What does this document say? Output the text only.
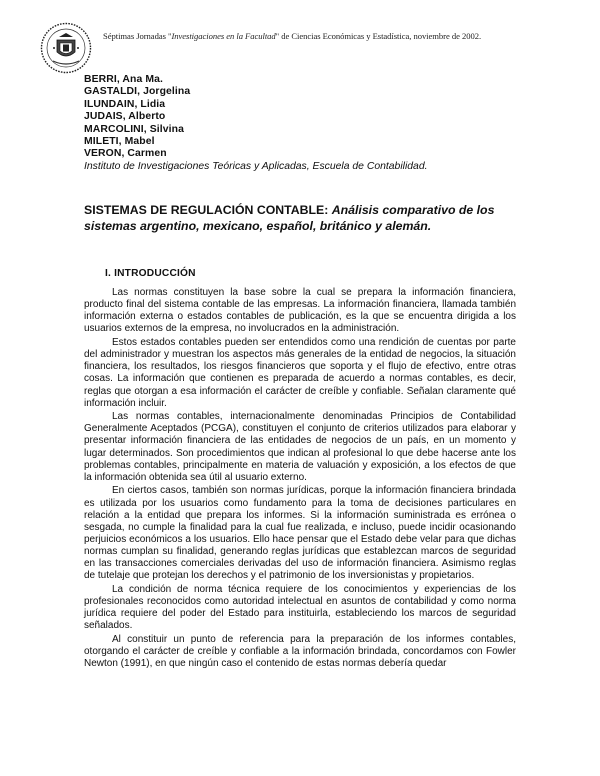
Séptimas Jornadas "Investigaciones en la Facultad" de Ciencias Económicas y Estadística, noviembre de 2002.

BERRI, Ana Ma.

GASTALDI, Jorgelina

ILUNDAIN, Lidia

JUDAIS, Alberto

MARCOLINI, Silvina

MILETI, Mabel

VERON, Carmen

Instituto de Investigaciones Teóricas y Aplicadas, Escuela de Contabilidad.

SISTEMAS DE REGULACIÓN CONTABLE: Análisis comparativo de los sistemas argentino, mexicano, español, británico y alemán.
I. INTRODUCCIÓN

Las normas constituyen la base sobre la cual se prepara la información financiera, producto final del sistema contable de las empresas. La información financiera, llamada también información externa o estados contables de publicación, es la que se encuentra dirigida a los usuarios externos de la empresa, no involucrados en la administración.

Estos estados contables pueden ser entendidos como una rendición de cuentas por parte del administrador y muestran los aspectos más generales de la entidad de negocios, la situación financiera, los resultados, los riesgos financieros que soporta y el flujo de efectivo, entre otras cosas. La información que contienen es preparada de acuerdo a normas contables, es decir, reglas que otorgan a esa información el carácter de creíble y confiable. Señalan claramente qué información incluir.

Las normas contables, internacionalmente denominadas Principios de Contabilidad Generalmente Aceptados (PCGA), constituyen el conjunto de criterios utilizados para elaborar y presentar información financiera de las entidades de negocios de un país, en un momento y lugar determinados. Son procedimientos que indican al profesional lo que debe hacerse ante los problemas contables, principalmente en materia de valuación y exposición, a los efectos de que la información obtenida sea útil al usuario externo.

En ciertos casos, también son normas jurídicas, porque la información financiera brindada es utilizada por los usuarios como fundamento para la toma de decisiones particulares en relación a la entidad que prepara los informes. Si la información suministrada es errónea o sesgada, no cumple la finalidad para la cual fue realizada, e incluso, puede incidir ocasionando perjuicios económicos a los usuarios. Ello hace pensar que el Estado debe velar para que dichas normas cumplan su finalidad, generando reglas jurídicas que establezcan marcos de seguridad en las transacciones comerciales derivadas del uso de información financiera. Asimismo reglas de tutelaje que protejan los derechos y el patrimonio de los inversionistas y propietarios.

La condición de norma técnica requiere de los conocimientos y experiencias de los profesionales reconocidos como autoridad intelectual en asuntos de contabilidad y como norma jurídica requiere del poder del Estado para instituirla, estableciendo los marcos de seguridad señalados.

Al constituir un punto de referencia para la preparación de los informes contables, otorgando el carácter de creíble y confiable a la información brindada, concordamos con Fowler Newton (1991), en que ningún caso el contenido de estas normas debería quedar
